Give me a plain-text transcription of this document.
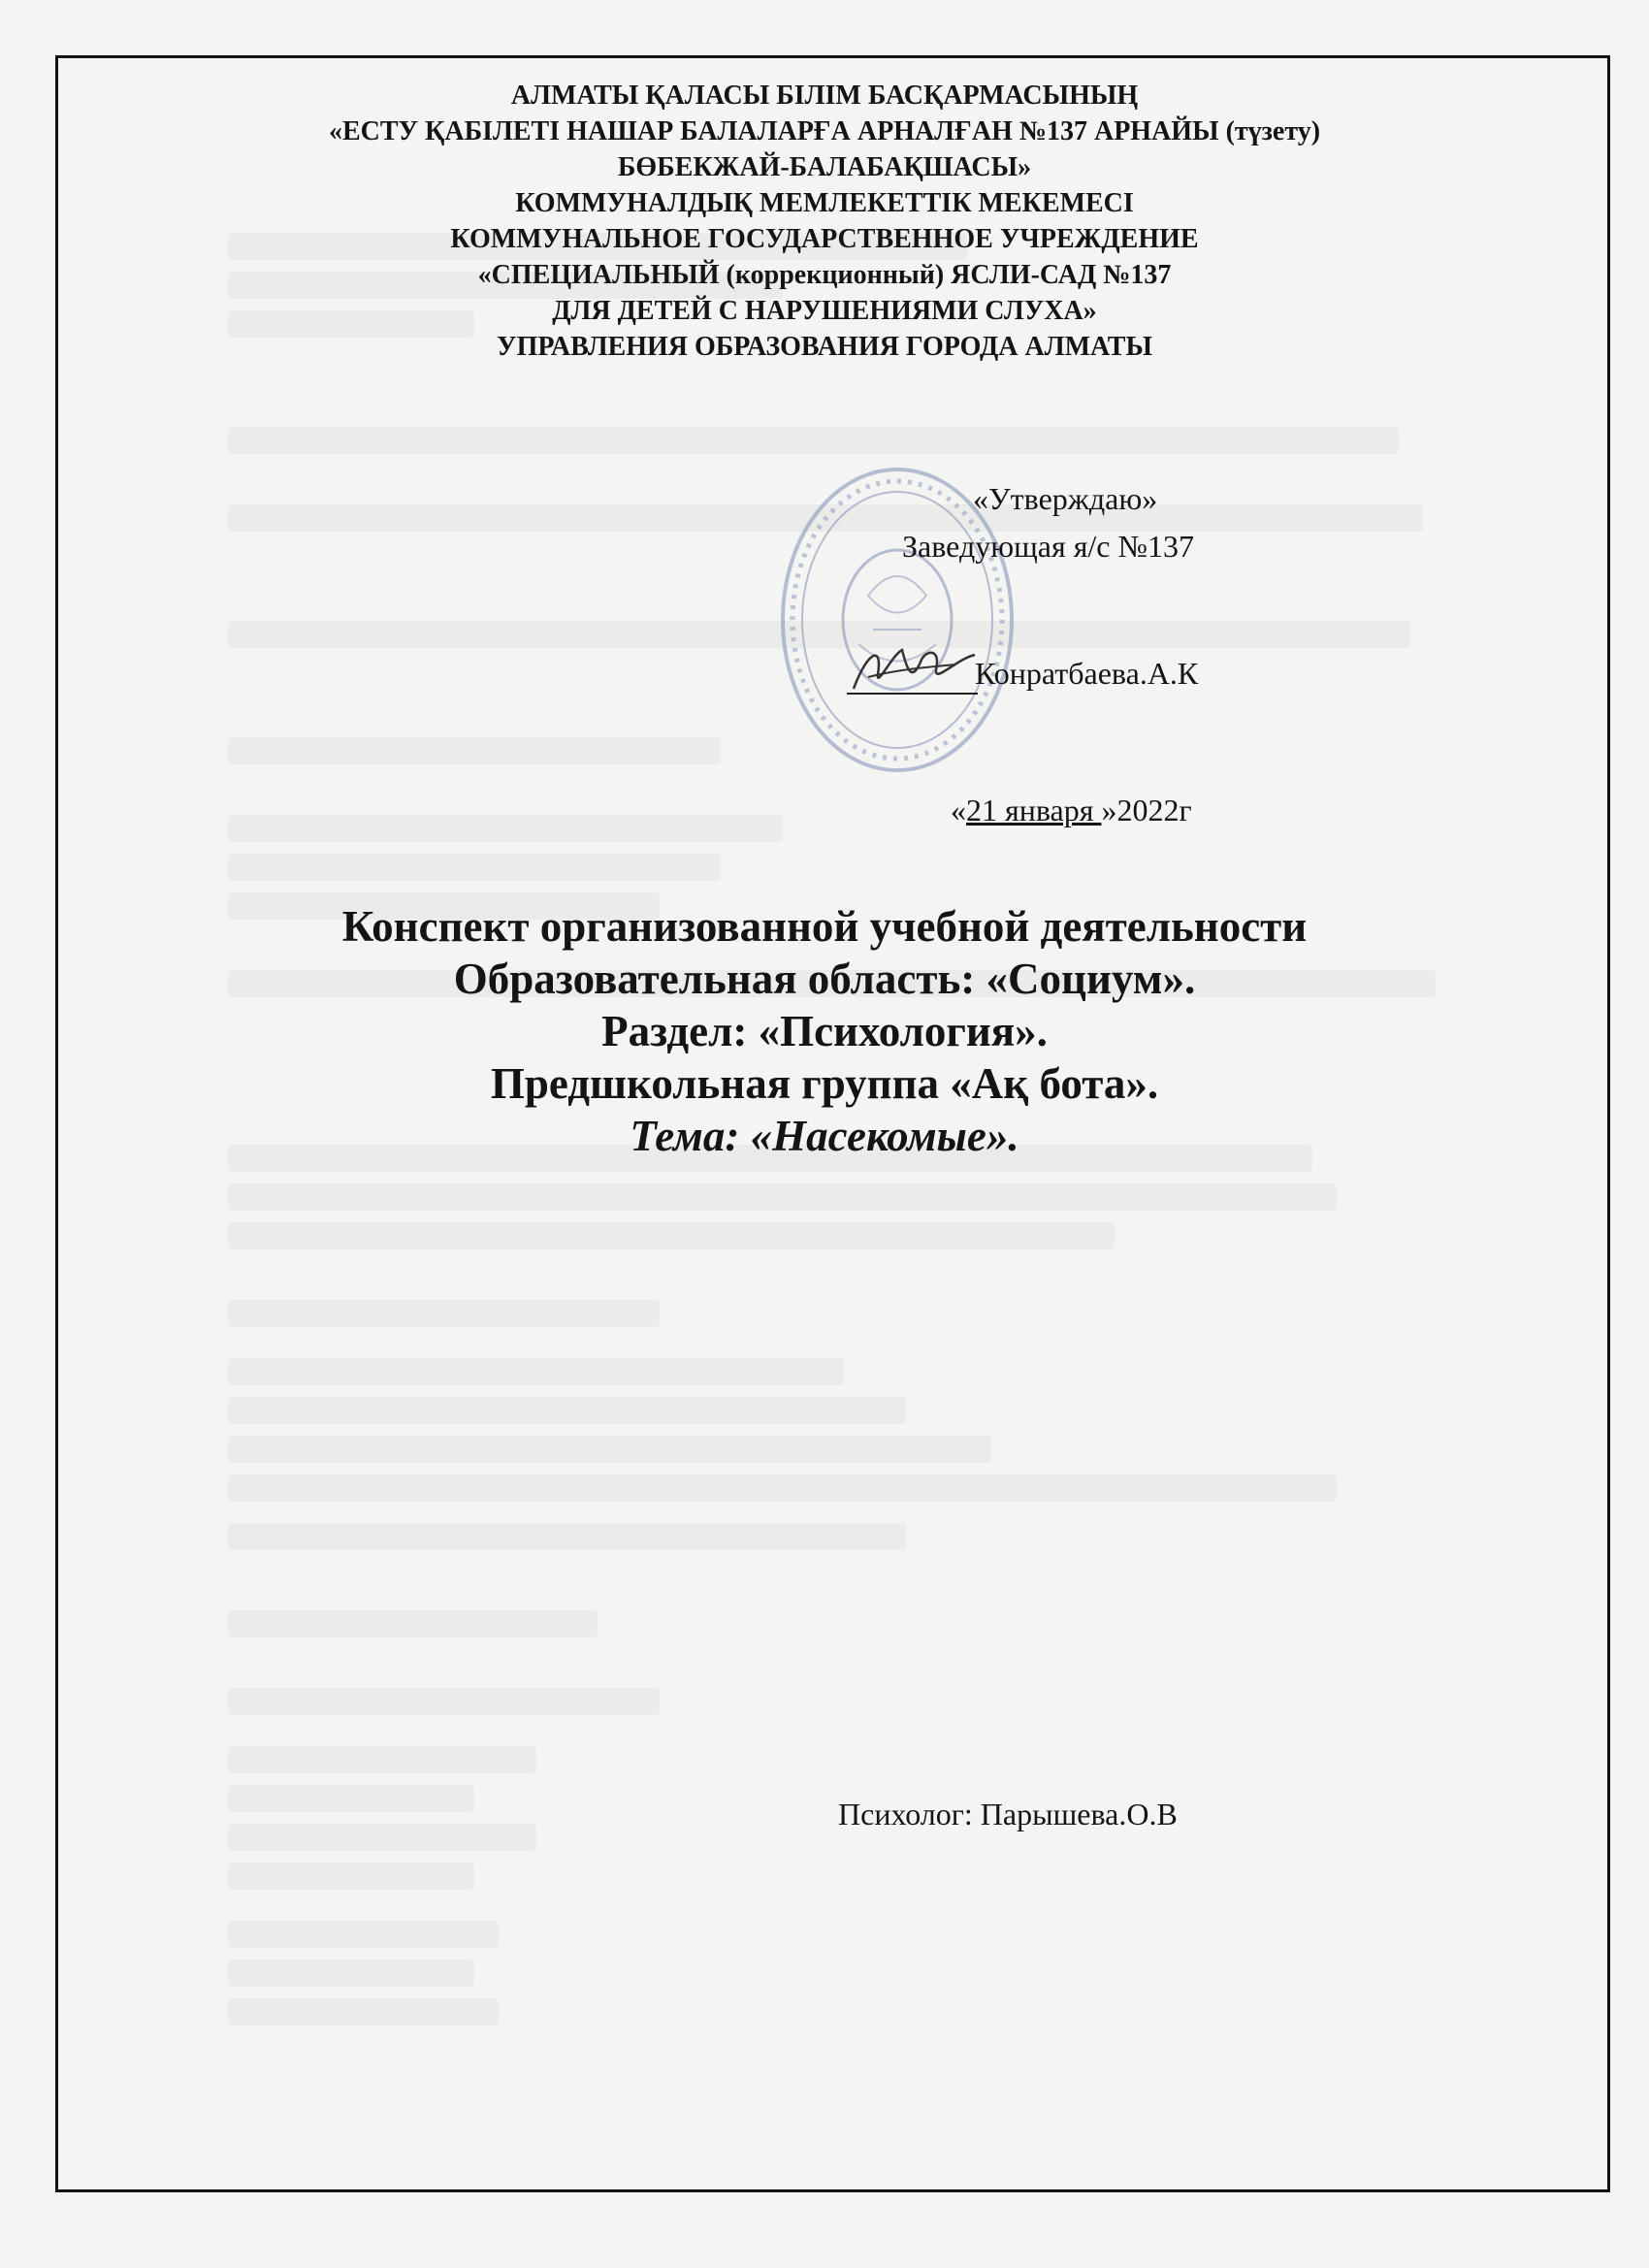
АЛМАТЫ ҚАЛАСЫ БІЛІМ БАСҚАРМАСЫНЫҢ
«ЕСТУ ҚАБІЛЕТІ НАШАР БАЛАЛАРҒА АРНАЛҒАН №137 АРНАЙЫ (түзету)
БӨБЕКЖАЙ-БАЛАБАҚШАСЫ»
КОММУНАЛДЫҚ МЕМЛЕКЕТТІК МЕКЕМЕСІ
КОММУНАЛЬНОЕ ГОСУДАРСТВЕННОЕ УЧРЕЖДЕНИЕ
«СПЕЦИАЛЬНЫЙ (коррекционный) ЯСЛИ-САД №137
ДЛЯ ДЕТЕЙ С НАРУШЕНИЯМИ СЛУХА»
УПРАВЛЕНИЯ ОБРАЗОВАНИЯ ГОРОДА АЛМАТЫ
«Утверждаю»
Заведующая я/с №137
Конратбаева.А.К
«21 января »2022г
Конспект организованной учебной деятельности
Образовательная область: «Социум».
Раздел: «Психология».
Предшкольная группа «Ақ бота».
Тема: «Насекомые».
Психолог: Парышева.О.В
